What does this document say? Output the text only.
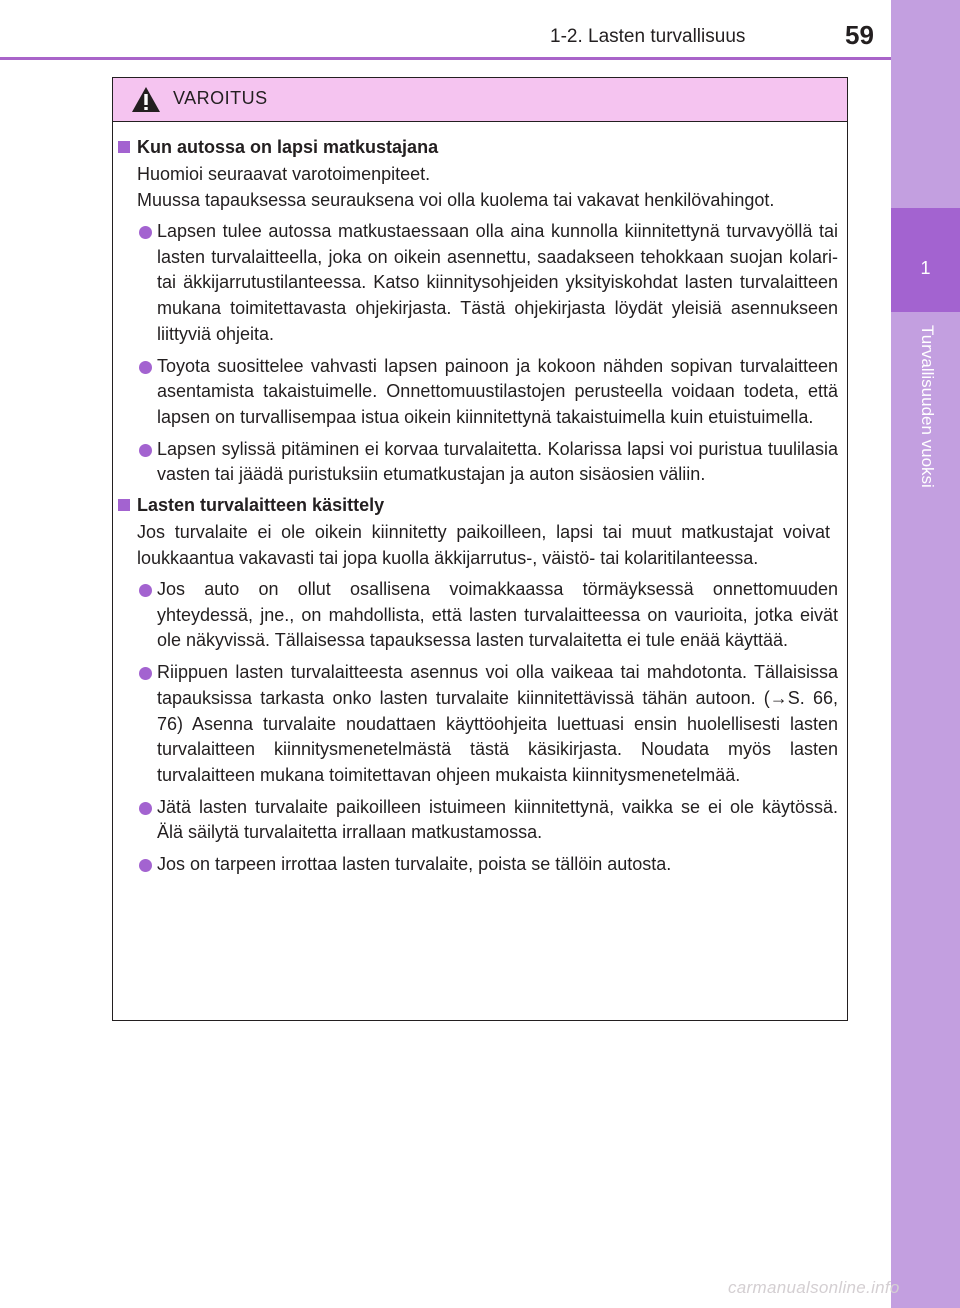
1-2. Lasten turvallisuus	59
1
Turvallisuuden vuoksi
VAROITUS
Kun autossa on lapsi matkustajana
Huomioi seuraavat varotoimenpiteet.
Muussa tapauksessa seurauksena voi olla kuolema tai vakavat henkilövahingot.
Lapsen tulee autossa matkustaessaan olla aina kunnolla kiinnitettynä turvavyöllä tai lasten turvalaitteella, joka on oikein asennettu, saadakseen tehokkaan suojan kolari- tai äkkijarrutustilanteessa. Katso kiinnitysohjeiden yksityiskohdat lasten turvalaitteen mukana toimitettavasta ohjekirjasta. Tästä ohjekirjasta löydät yleisiä asennukseen liittyviä ohjeita.
Toyota suosittelee vahvasti lapsen painoon ja kokoon nähden sopivan turvalaitteen asentamista takaistuimelle. Onnettomuustilastojen perusteella voidaan todeta, että lapsen on turvallisempaa istua oikein kiinnitettynä takaistuimella kuin etuistuimella.
Lapsen sylissä pitäminen ei korvaa turvalaitetta. Kolarissa lapsi voi puristua tuulilasia vasten tai jäädä puristuksiin etumatkustajan ja auton sisäosien väliin.
Lasten turvalaitteen käsittely
Jos turvalaite ei ole oikein kiinnitetty paikoilleen, lapsi tai muut matkustajat voivat loukkaantua vakavasti tai jopa kuolla äkkijarrutus-, väistö- tai kolaritilanteessa.
Jos auto on ollut osallisena voimakkaassa törmäyksessä onnettomuuden yhteydessä, jne., on mahdollista, että lasten turvalaitteessa on vaurioita, jotka eivät ole näkyvissä. Tällaisessa tapauksessa lasten turvalaitetta ei tule enää käyttää.
Riippuen lasten turvalaitteesta asennus voi olla vaikeaa tai mahdotonta. Tällaisissa tapauksissa tarkasta onko lasten turvalaite kiinnitettävissä tähän autoon. (→S. 66, 76) Asenna turvalaite noudattaen käyttöohjeita luettuasi ensin huolellisesti lasten turvalaitteen kiinnitysmenetelmästä tästä käsikirjasta. Noudata myös lasten turvalaitteen mukana toimitettavan ohjeen mukaista kiinnitysmenetelmää.
Jätä lasten turvalaite paikoilleen istuimeen kiinnitettynä, vaikka se ei ole käytössä. Älä säilytä turvalaitetta irrallaan matkustamossa.
Jos on tarpeen irrottaa lasten turvalaite, poista se tällöin autosta.
carmanualsonline.info
